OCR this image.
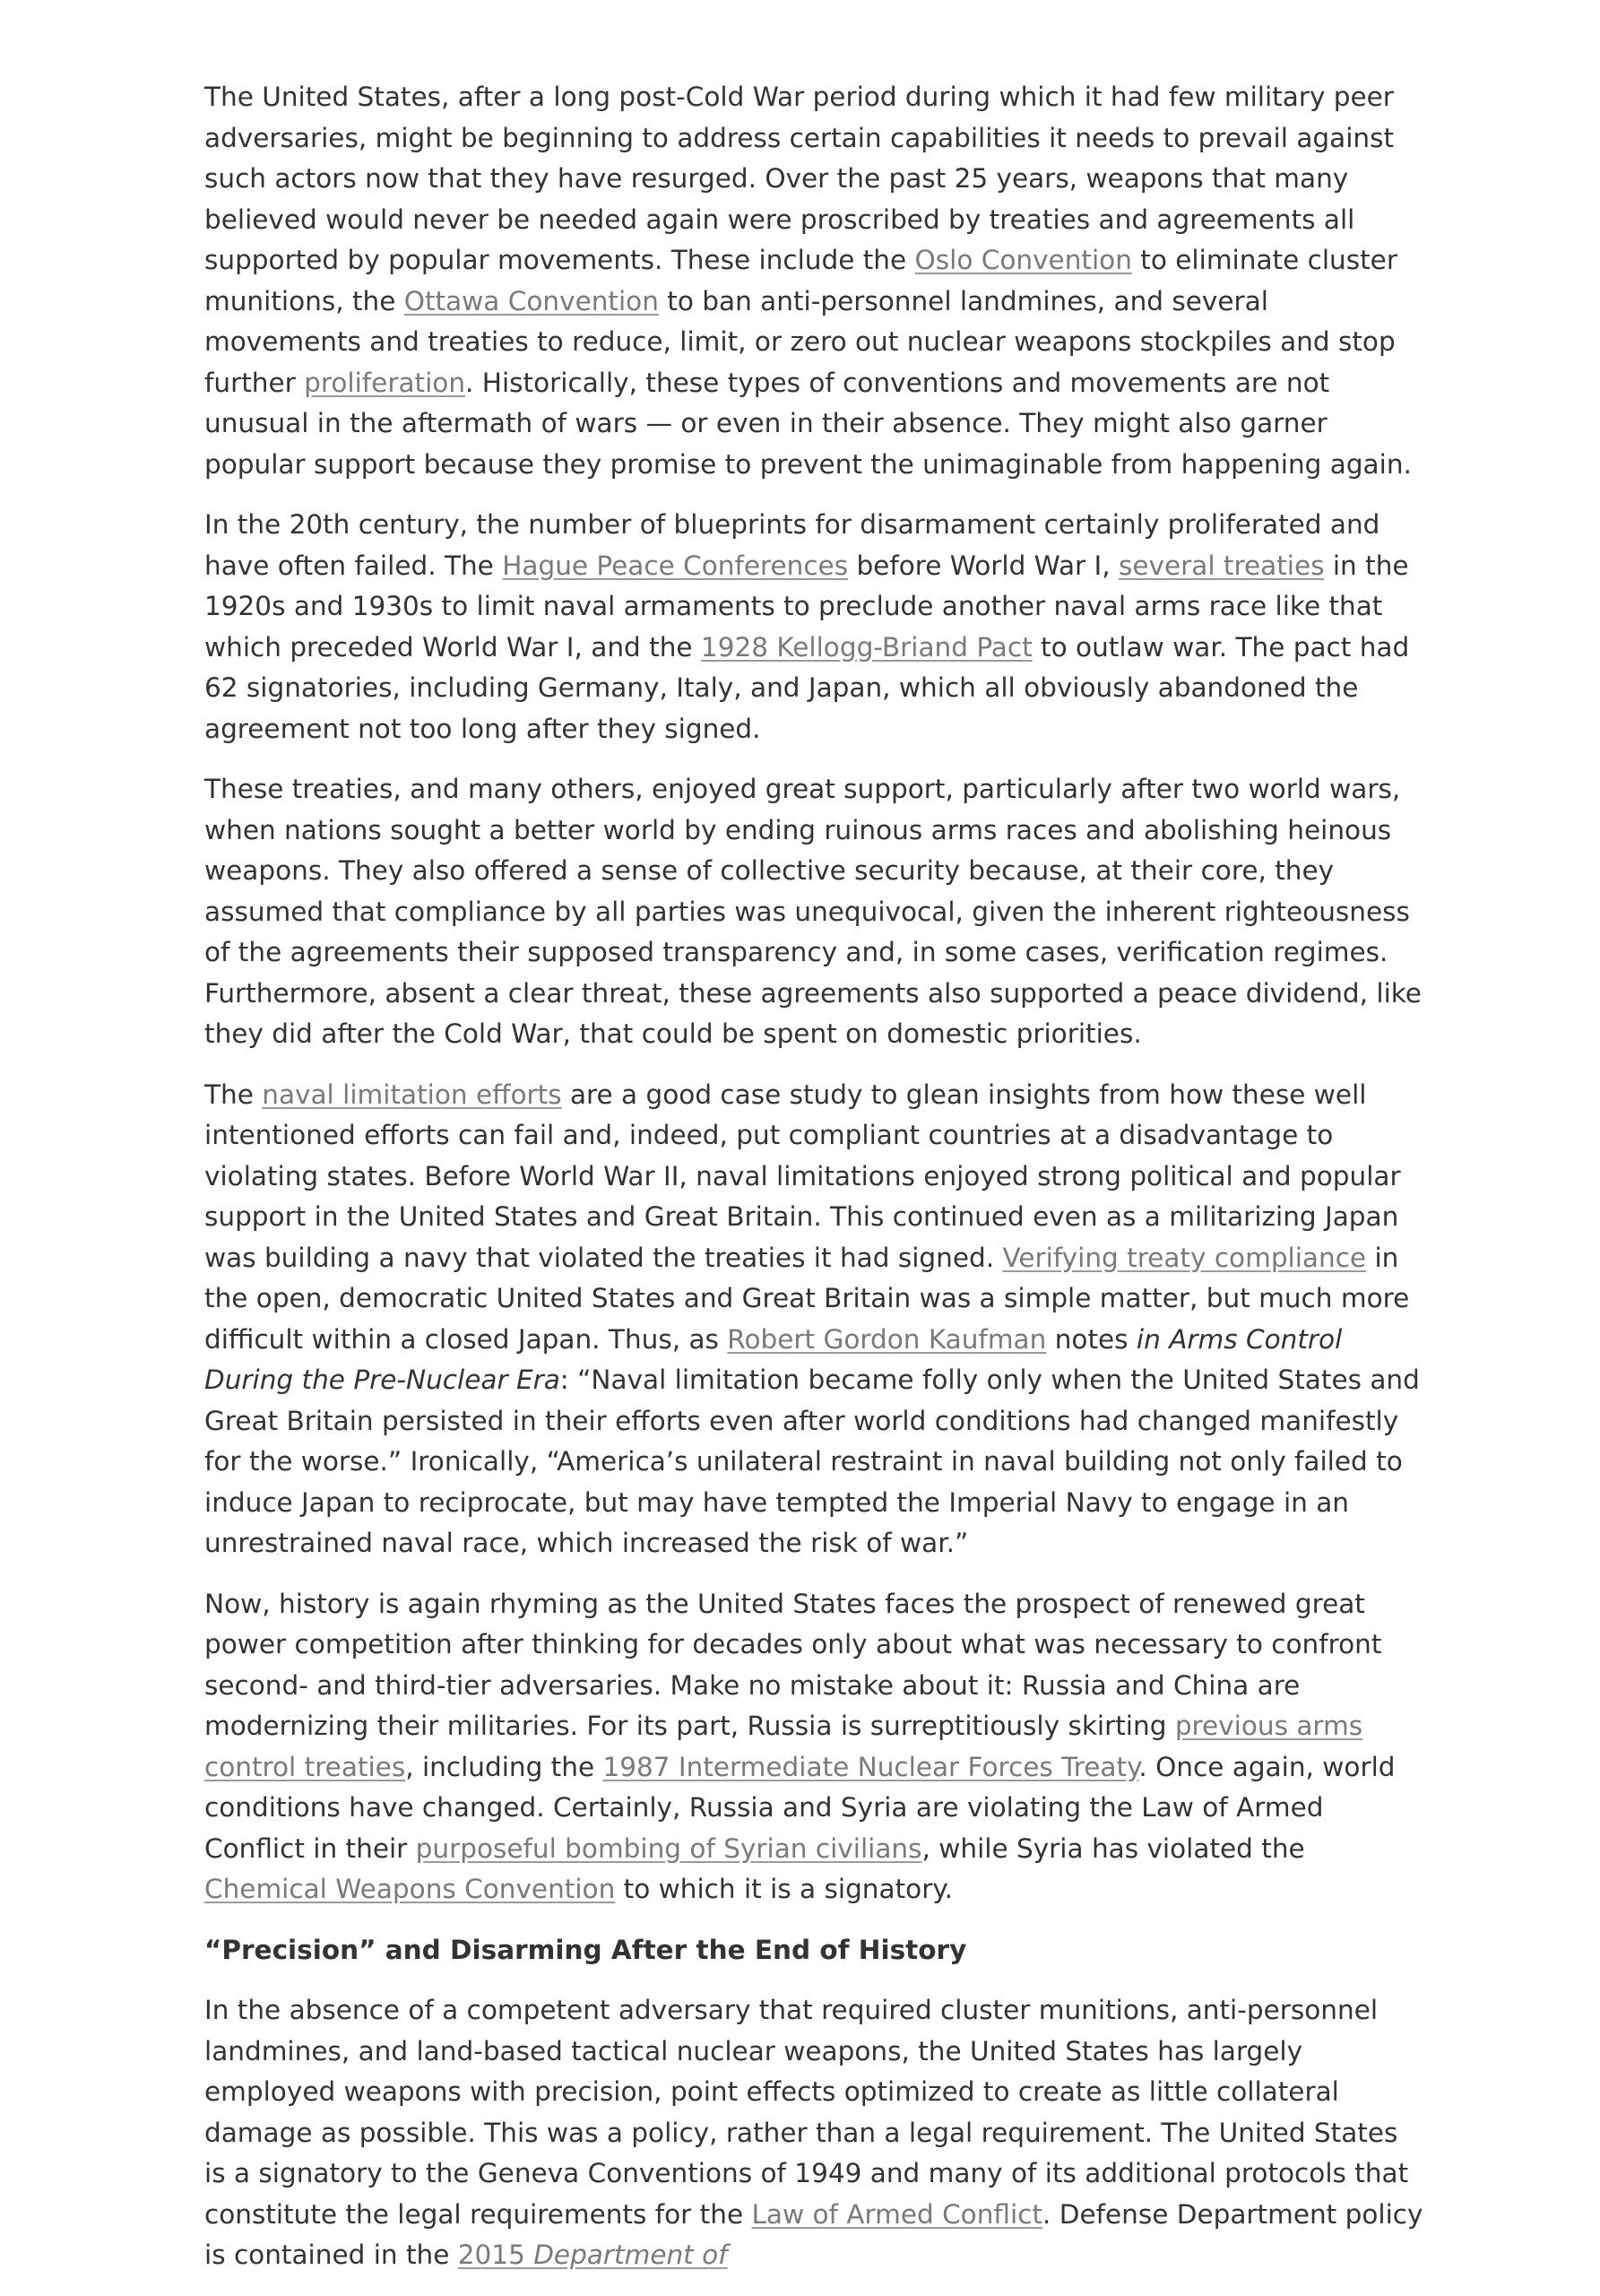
The United States, after a long post-Cold War period during which it had few military peer adversaries, might be beginning to address certain capabilities it needs to prevail against such actors now that they have resurged. Over the past 25 years, weapons that many believed would never be needed again were proscribed by treaties and agreements all supported by popular movements. These include the Oslo Convention to eliminate cluster munitions, the Ottawa Convention to ban anti-personnel landmines, and several movements and treaties to reduce, limit, or zero out nuclear weapons stockpiles and stop further proliferation. Historically, these types of conventions and movements are not unusual in the aftermath of wars — or even in their absence. They might also garner popular support because they promise to prevent the unimaginable from happening again.

In the 20th century, the number of blueprints for disarmament certainly proliferated and have often failed. The Hague Peace Conferences before World War I, several treaties in the 1920s and 1930s to limit naval armaments to preclude another naval arms race like that which preceded World War I, and the 1928 Kellogg-Briand Pact to outlaw war. The pact had 62 signatories, including Germany, Italy, and Japan, which all obviously abandoned the agreement not too long after they signed.

These treaties, and many others, enjoyed great support, particularly after two world wars, when nations sought a better world by ending ruinous arms races and abolishing heinous weapons. They also offered a sense of collective security because, at their core, they assumed that compliance by all parties was unequivocal, given the inherent righteousness of the agreements their supposed transparency and, in some cases, verification regimes. Furthermore, absent a clear threat, these agreements also supported a peace dividend, like they did after the Cold War, that could be spent on domestic priorities.

The naval limitation efforts are a good case study to glean insights from how these well intentioned efforts can fail and, indeed, put compliant countries at a disadvantage to violating states. Before World War II, naval limitations enjoyed strong political and popular support in the United States and Great Britain. This continued even as a militarizing Japan was building a navy that violated the treaties it had signed. Verifying treaty compliance in the open, democratic United States and Great Britain was a simple matter, but much more difficult within a closed Japan. Thus, as Robert Gordon Kaufman notes in Arms Control During the Pre-Nuclear Era: “Naval limitation became folly only when the United States and Great Britain persisted in their efforts even after world conditions had changed manifestly for the worse.” Ironically, “America’s unilateral restraint in naval building not only failed to induce Japan to reciprocate, but may have tempted the Imperial Navy to engage in an unrestrained naval race, which increased the risk of war.”

Now, history is again rhyming as the United States faces the prospect of renewed great power competition after thinking for decades only about what was necessary to confront second- and third-tier adversaries. Make no mistake about it: Russia and China are modernizing their militaries. For its part, Russia is surreptitiously skirting previous arms control treaties, including the 1987 Intermediate Nuclear Forces Treaty. Once again, world conditions have changed. Certainly, Russia and Syria are violating the Law of Armed Conflict in their purposeful bombing of Syrian civilians, while Syria has violated the Chemical Weapons Convention to which it is a signatory.

“Precision” and Disarming After the End of History

In the absence of a competent adversary that required cluster munitions, anti-personnel landmines, and land-based tactical nuclear weapons, the United States has largely employed weapons with precision, point effects optimized to create as little collateral damage as possible. This was a policy, rather than a legal requirement. The United States is a signatory to the Geneva Conventions of 1949 and many of its additional protocols that constitute the legal requirements for the Law of Armed Conflict. Defense Department policy is contained in the 2015 Department of
